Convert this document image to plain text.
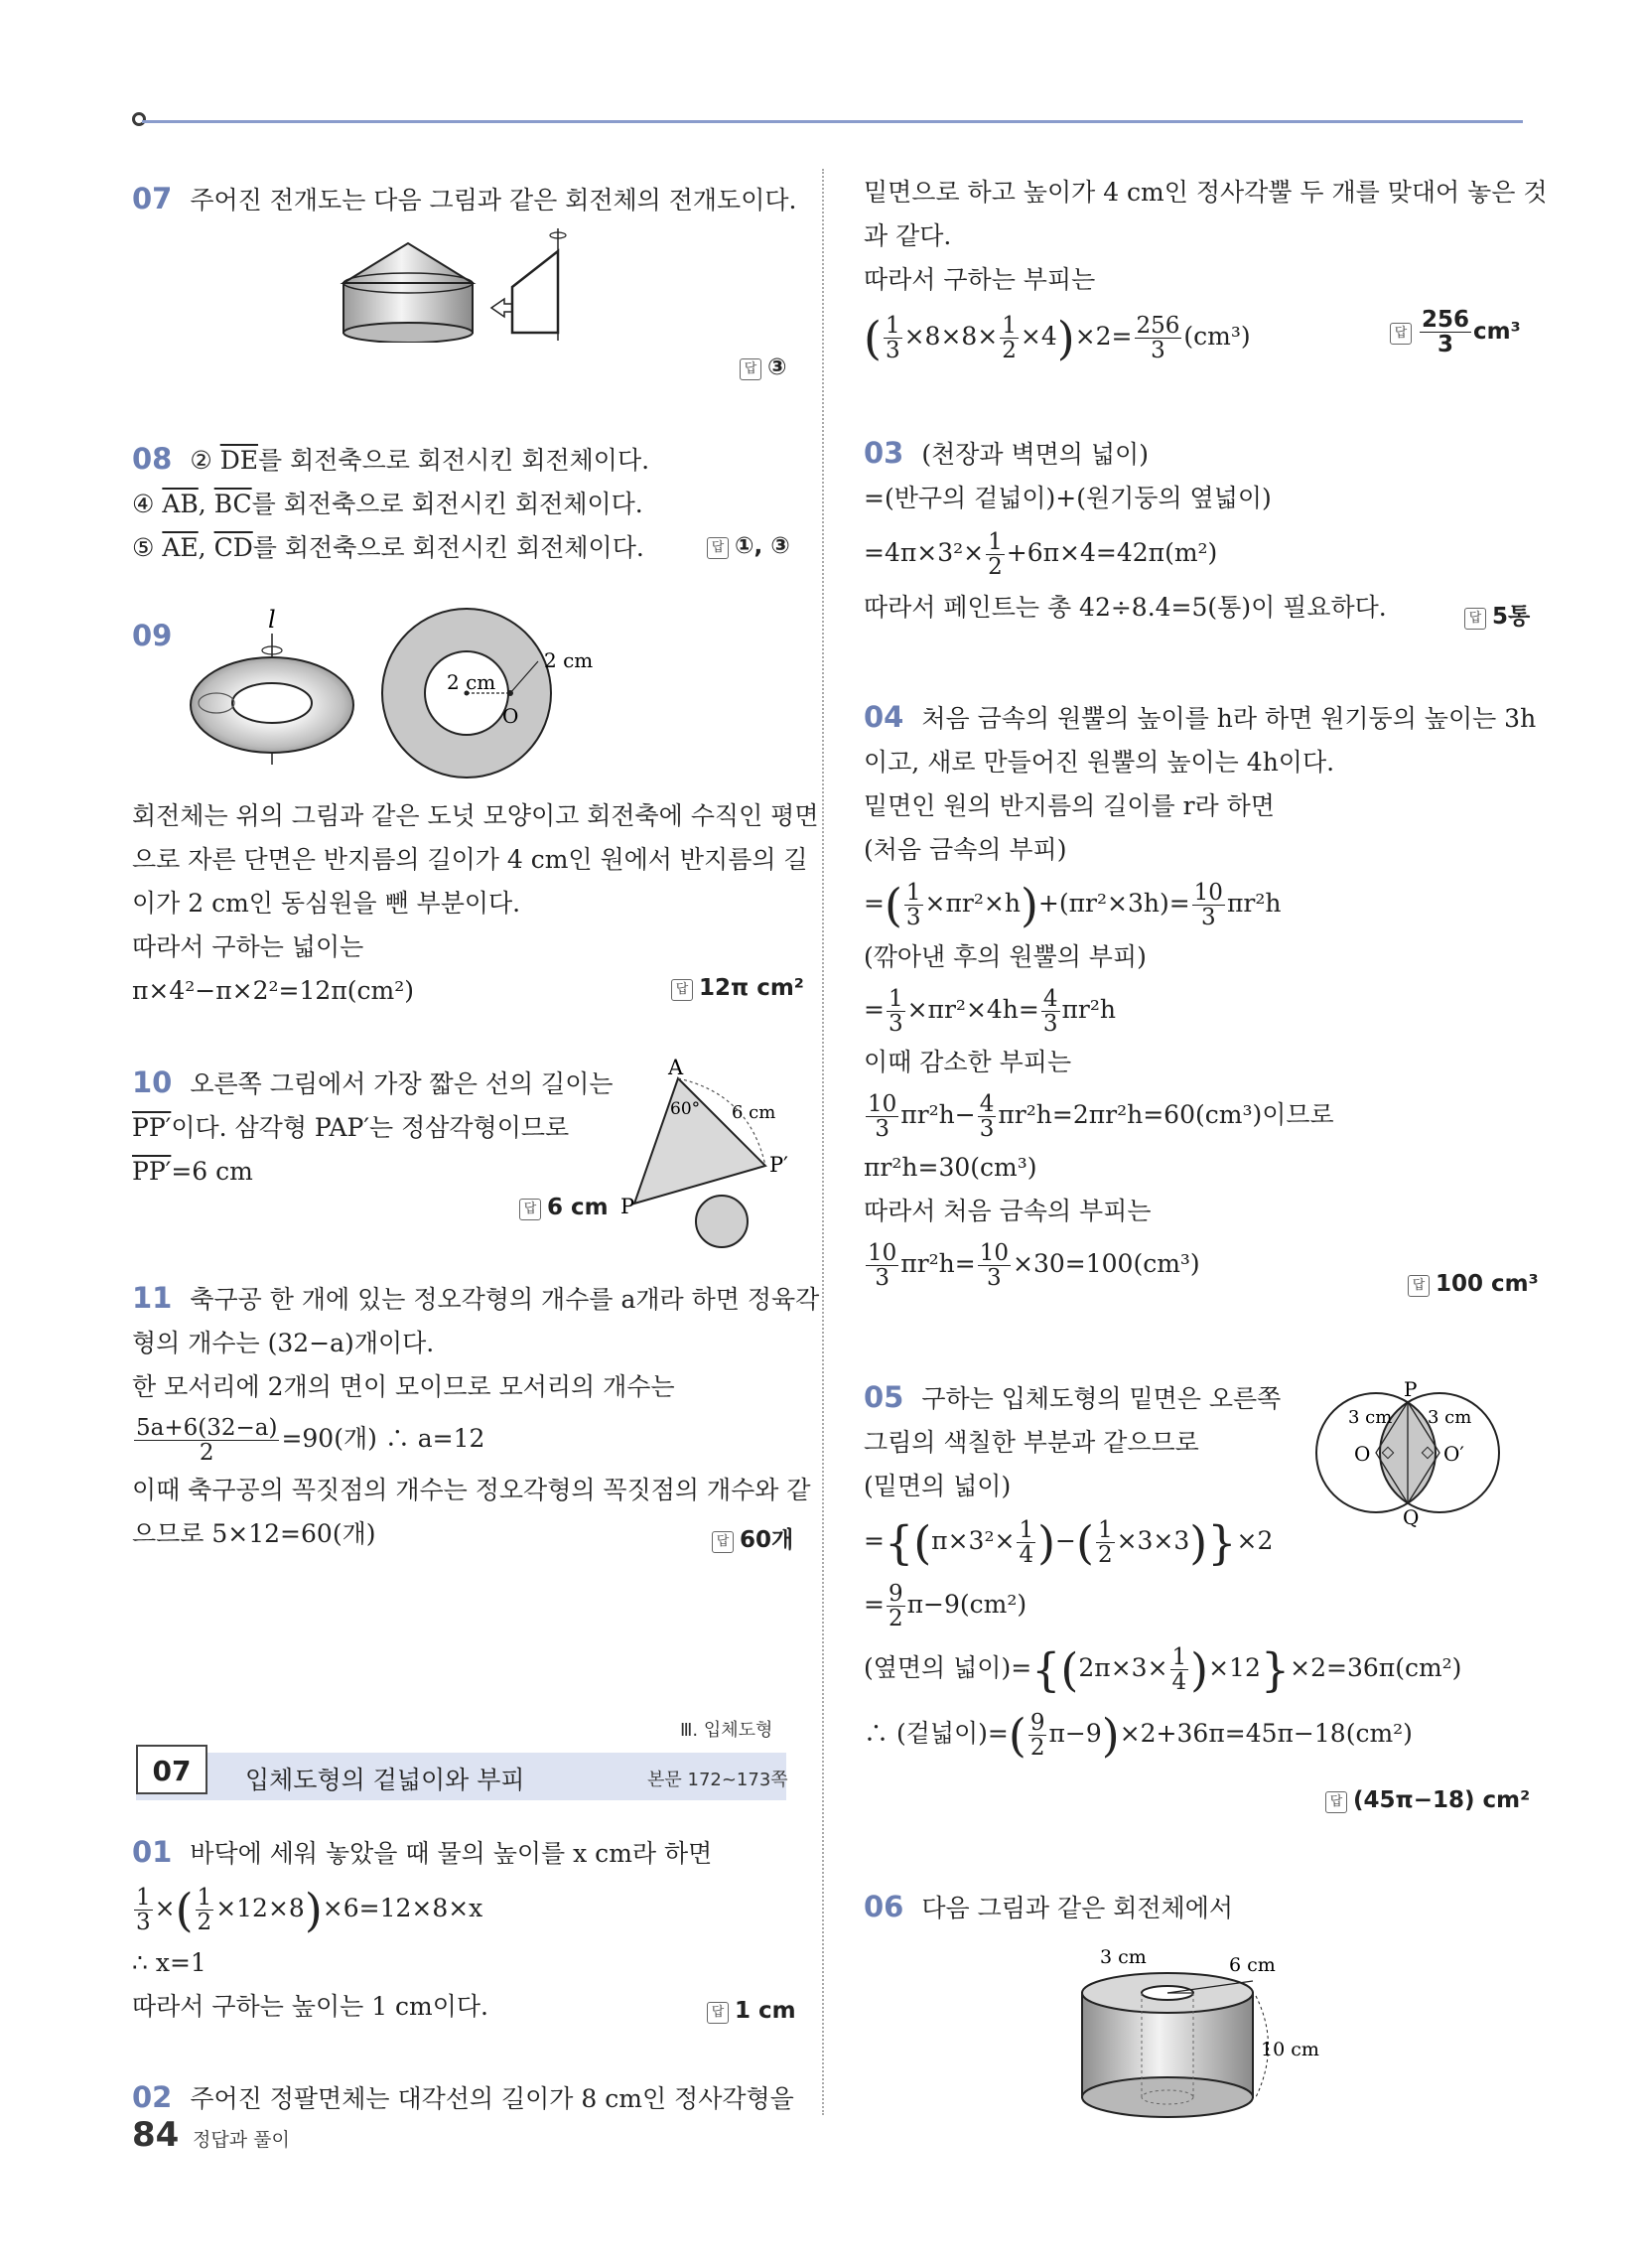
07 주어진 전개도는 다음 그림과 같은 회전체의 전개도이다.
답 ③
08 ② $\overline{DE}$를 회전축으로 회전시킨 회전체이다.
④ $\overline{AB}$, $\overline{BC}$를 회전축으로 회전시킨 회전체이다.
⑤ $\overline{AE}$, $\overline{CD}$를 회전축으로 회전시킨 회전체이다.	답 ①, ③
09	l
2 cm
2 cm
O
회전체는 위의 그림과 같은 도넛 모양이고 회전축에 수직인 평면
으로 자른 단면은 반지름의 길이가 4 cm인 원에서 반지름의 길
이가 2 cm인 동심원을 뺀 부분이다.
따라서 구하는 넓이는
π×4²−π×2²=12π(cm²)	답 12π cm²
10 오른쪽 그림에서 가장 짧은 선의 길이는
PP′이다. 삼각형 PAP′는 정삼각형이므로
PP′=6 cm
A
60° 6 cm
P
P′
답 6 cm
11 축구공 한 개에 있는 정오각형의 개수를 a개라 하면 정육각
형의 개수는 (32−a)개이다.
한 모서리에 2개의 면이 모이므로 모서리의 개수는
$\frac{5a+6(32-a)}{2} =90$(개) ∴ a=12
이때 축구공의 꼭짓점의 개수는 정오각형의 꼭짓점의 개수와 같
으므로 5×12=60(개)	답 60개
Ⅲ. 입체도형
07	입체도형의 겉넓이와 부피	본문 172~173쪽
01 바닥에 세워 놓았을 때 물의 높이를 x cm라 하면
$\frac{1}{3}$ ×( $\frac{1}{2} \times 12\times 8)\times 6=12\times 8\times x$
∴ x=1
따라서 구하는 높이는 1 cm이다.	답 1 cm
02 주어진 정팔면체는 대각선의 길이가 8 cm인 정사각형을
84 정답과 풀이
밑면으로 하고 높이가 4 cm인 정사각뿔 두 개를 맞대어 놓은 것
과 같다.
따라서 구하는 부피는
( $\frac{1}{3} \times 8\times 8\times \frac{1}{2} \times 4)\times 2= \frac{256}{3} (cm^3)$	답 $\frac{256}{3} cm^3$
03 (천장과 벽면의 넓이)
=(반구의 겉넓이)+(원기둥의 옆넓이)
$=4\pi\times 3^2\times \frac{1}{2} +6\pi\times 4=42\pi(m^2)$
따라서 페인트는 총 42÷8.4=5(통)이 필요하다.	답 5통
04 처음 금속의 원뿔의 높이를 h라 하면 원기둥의 높이는 3h
이고, 새로 만들어진 원뿔의 높이는 4h이다.
밑면인 원의 반지름의 길이를 r라 하면
(처음 금속의 부피)
=( $\frac{1}{3} \times\pi r^2\times h)+(\pi r^2\times 3h)= \frac{10}{3} \pi r^2h$
(깎아낸 후의 원뿔의 부피)
= $\frac{1}{3} \times\pi r^2\times 4h= \frac{4}{3} \pi r^2h$
이때 감소한 부피는
$\frac{10}{3} \pi r^2h- \frac{4}{3} \pi r^2h=2\pi r^2h=60(cm^3)$이므로
πr²h=30(cm³)
따라서 처음 금속의 부피는
$\frac{10}{3} \pi r^2h= \frac{10}{3} \times 30=100(cm^3)$
답 100 cm³
05 구하는 입체도형의 밑면은 오른쪽
그림의 색칠한 부분과 같으므로
(밑면의 넓이)
$=\{(\pi\times 3^2\times \frac{1}{4}$ )−( $\frac{1}{2} \times 3\times 3)\}\times 2$
= $\frac{9}{2} \pi-9(cm^2)$
(옆면의 넓이)$=\{(2\pi\times 3\times \frac{1}{4} )\times 12\}\times 2=36\pi(cm^2)$
∴ (겉넓이)=( $\frac{9}{2} \pi-9)\times 2+36\pi=45\pi-18(cm^2)$
P
Q
O	O′
3 cm 3 cm
답 (45π−18) cm²
06 다음 그림과 같은 회전체에서
3 cm	6 cm
10 cm
